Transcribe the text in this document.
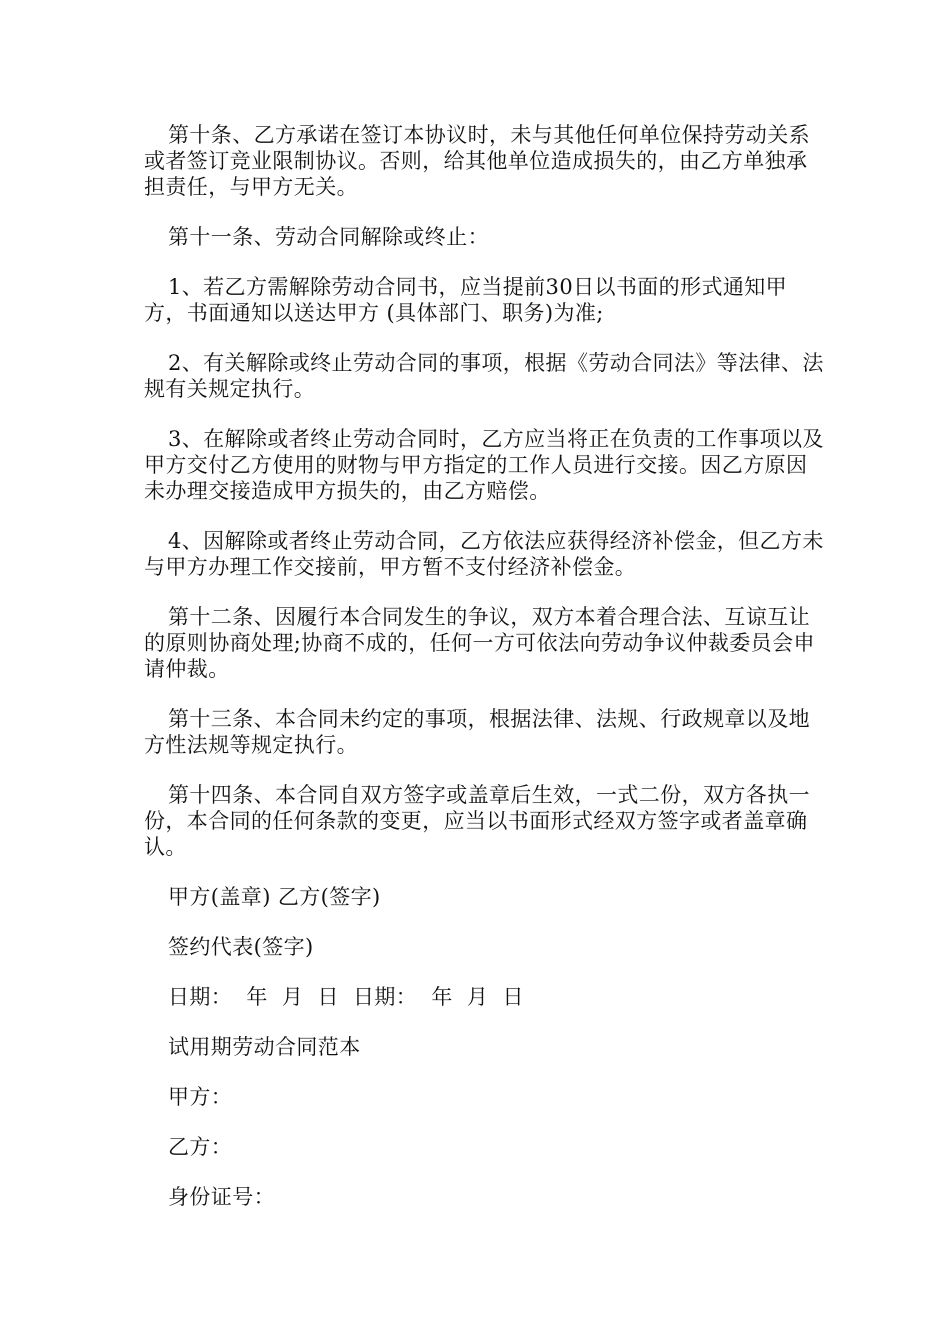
第十条、乙方承诺在签订本协议时，未与其他任何单位保持劳动关系或者签订竞业限制协议。否则，给其他单位造成损失的，由乙方单独承担责任，与甲方无关。

第十一条、劳动合同解除或终止：

1、若乙方需解除劳动合同书，应当提前30日以书面的形式通知甲方，书面通知以送达甲方 (具体部门、职务)为准;

2、有关解除或终止劳动合同的事项，根据《劳动合同法》等法律、法规有关规定执行。

3、在解除或者终止劳动合同时，乙方应当将正在负责的工作事项以及甲方交付乙方使用的财物与甲方指定的工作人员进行交接。因乙方原因未办理交接造成甲方损失的，由乙方赔偿。

4、因解除或者终止劳动合同，乙方依法应获得经济补偿金，但乙方未与甲方办理工作交接前，甲方暂不支付经济补偿金。

第十二条、因履行本合同发生的争议，双方本着合理合法、互谅互让的原则协商处理;协商不成的，任何一方可依法向劳动争议仲裁委员会申请仲裁。

第十三条、本合同未约定的事项，根据法律、法规、行政规章以及地方性法规等规定执行。

第十四条、本合同自双方签字或盖章后生效，一式二份，双方各执一份，本合同的任何条款的变更，应当以书面形式经双方签字或者盖章确认。

甲方(盖章) 乙方(签字)

签约代表(签字)

日期：  年  月  日  日期：  年  月  日

试用期劳动合同范本

甲方：

乙方：

身份证号：
